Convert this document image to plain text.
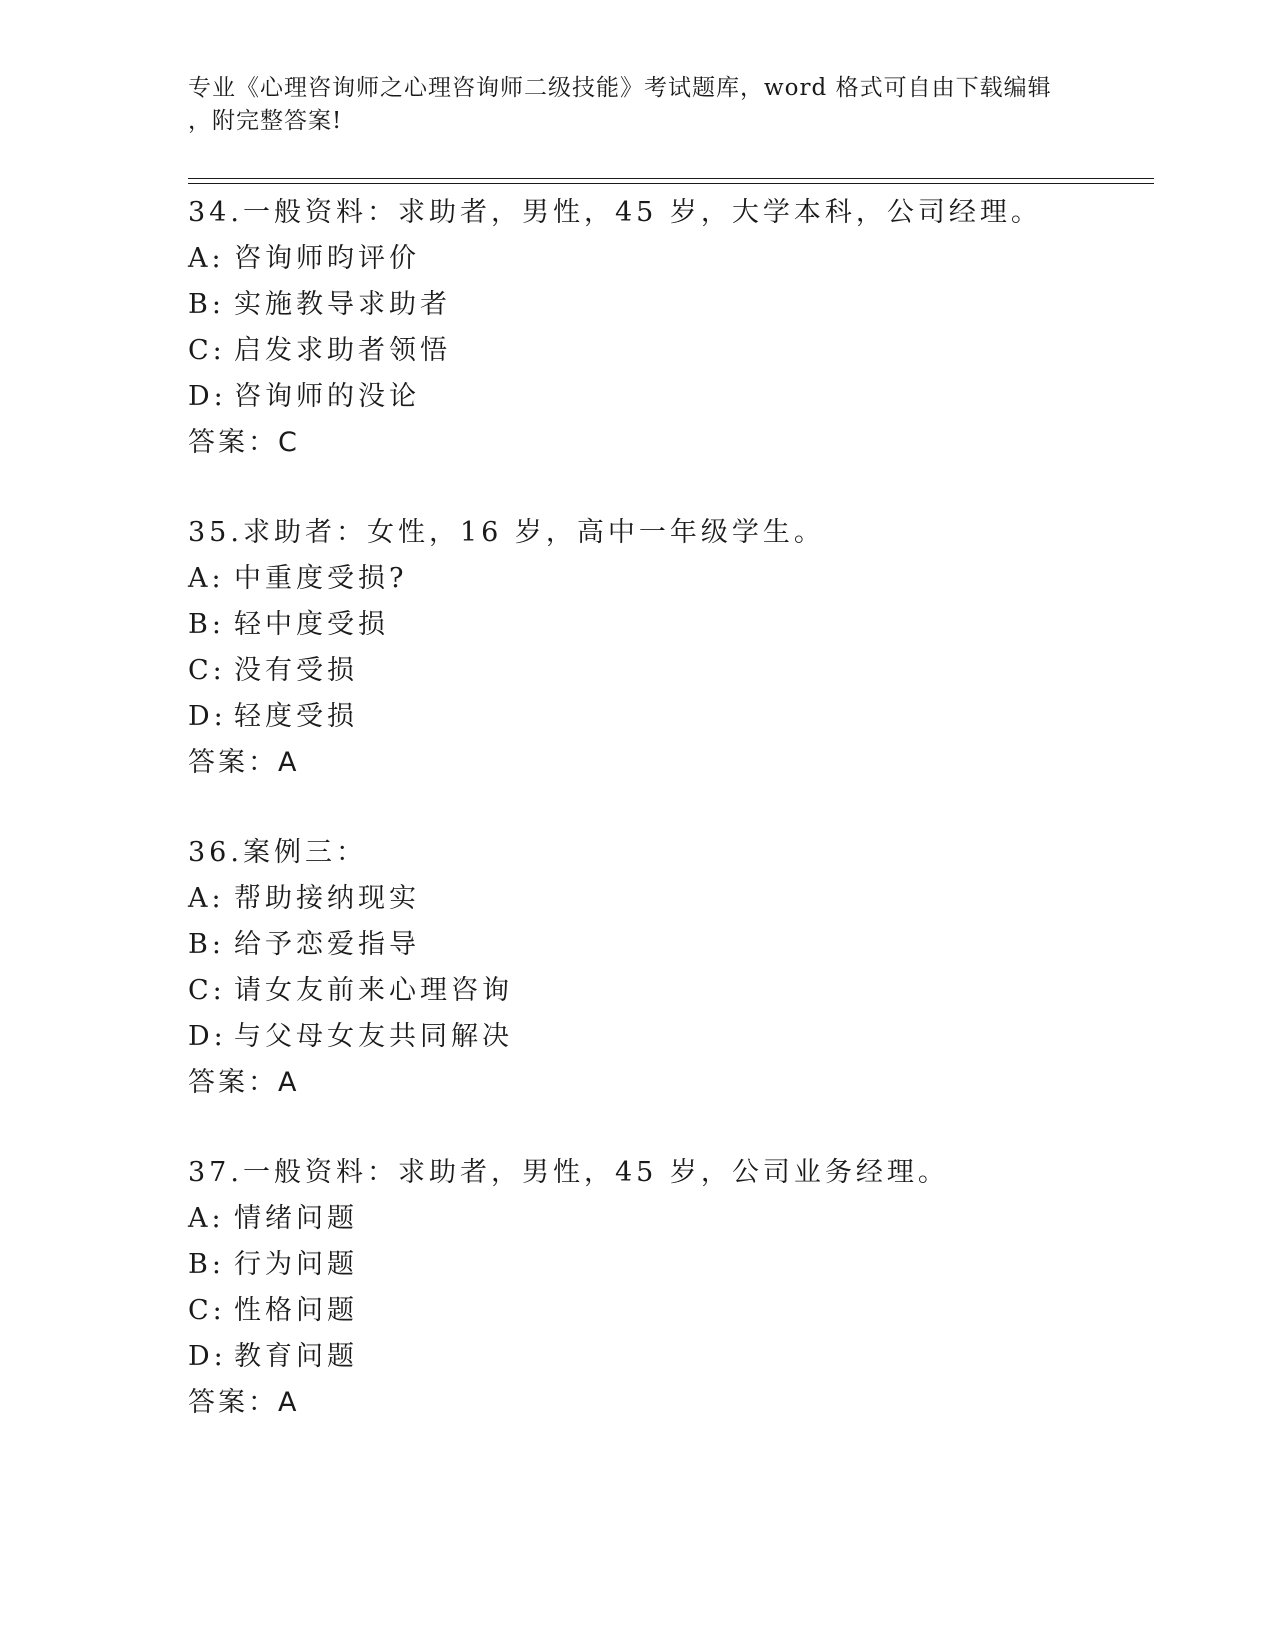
专业《心理咨询师之心理咨询师二级技能》考试题库，word 格式可自由下载编辑
，附完整答案!
34.一般资料：求助者，男性，45 岁，大学本科，公司经理。
A: 咨询师昀评价
B: 实施教导求助者
C: 启发求助者领悟
D: 咨询师的没论
答案：C
35.求助者：女性，16 岁，高中一年级学生。
A: 中重度受损?
B: 轻中度受损
C: 没有受损
D: 轻度受损
答案：A
36.案例三：
A: 帮助接纳现实
B: 给予恋爱指导
C: 请女友前来心理咨询
D: 与父母女友共同解决
答案：A
37.一般资料：求助者，男性，45 岁，公司业务经理。
A: 情绪问题
B: 行为问题
C: 性格问题
D: 教育问题
答案：A
